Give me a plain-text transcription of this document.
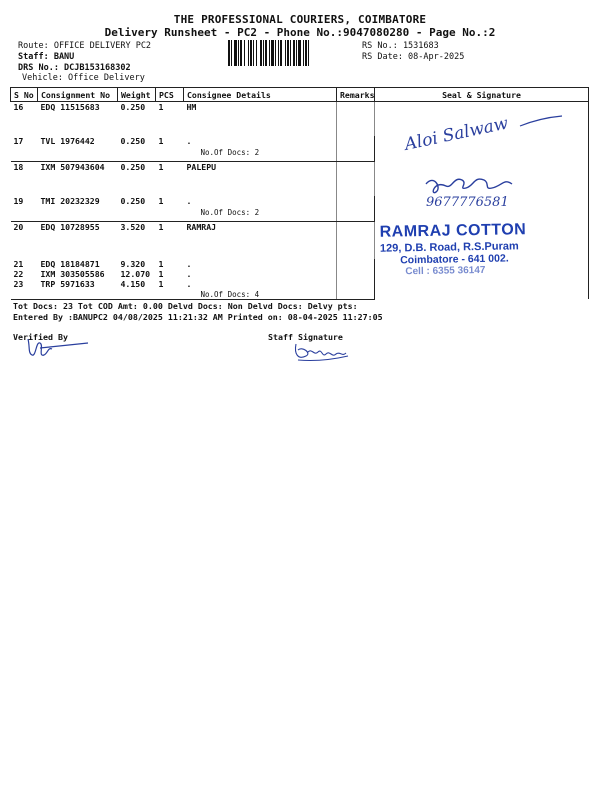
THE PROFESSIONAL COURIERS, COIMBATORE
Delivery Runsheet - PC2 - Phone No.:9047080280 - Page No.:2
Route: OFFICE DELIVERY PC2
Staff: BANU
DRS No.: DCJB153168302
Vehicle: Office Delivery
RS No.: 1531683
RS Date: 08-Apr-2025
S No	Consignment No	Weight	PCS	Consignee Details	Remarks	Seal & Signature
16	EDQ 11515683	0.250	1	HM		
17	TVL 1976442	0.250	1	.
No.Of Docs: 2		
18	IXM 507943604	0.250	1	PALEPU		
19	TMI 20232329	0.250	1	.
No.Of Docs: 2		
20	EDQ 10728955	3.520	1	RAMRAJ		
21	EDQ 18184871	9.320	1	.		
22	IXM 303505586	12.070	1	.		
23	TRP 5971633	4.150	1	.
No.Of Docs: 4		
Aloi Salwaw
9677776581
RAMRAJ COTTON
129, D.B. Road, R.S.Puram
Coimbatore - 641 002.
Cell : 6355 36147
Tot Docs: 23 Tot COD Amt: 0.00 Delvd Docs: Non Delvd Docs: Delvy pts:
Entered By :BANUPC2 04/08/2025 11:21:32 AM Printed on: 08-04-2025 11:27:05
Verified By	Staff Signature
